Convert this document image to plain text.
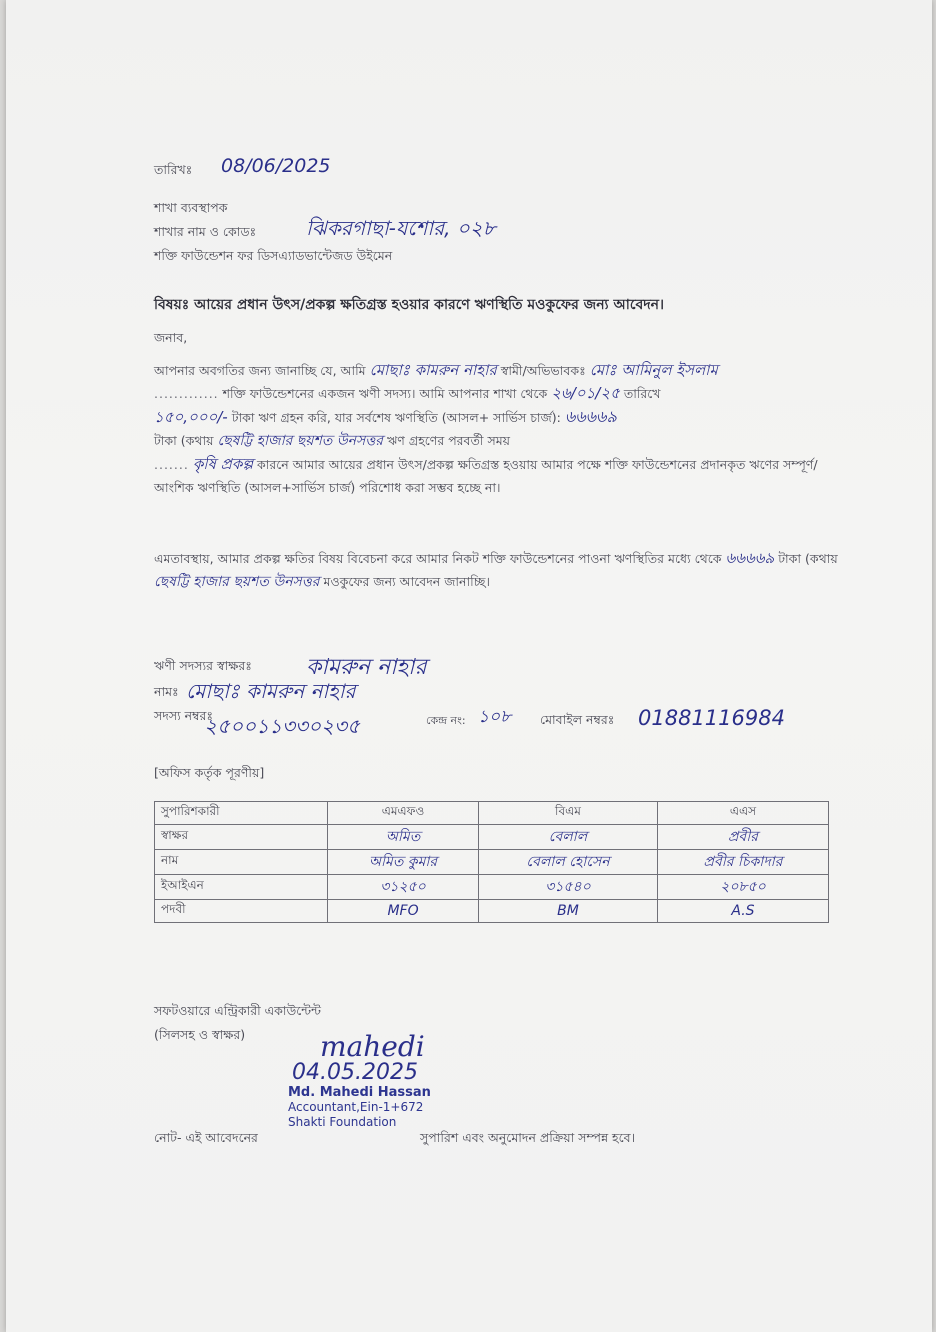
তারিখঃ 08/06/2025
শাখা ব্যবস্থাপক
শাখার নাম ও কোডঃ ঝিকরগাছা-যশোর, ০২৮
শক্তি ফাউন্ডেশন ফর ডিসএ্যাডভান্টেজড উইমেন
বিষয়ঃ আয়ের প্রধান উৎস/প্রকল্প ক্ষতিগ্রস্ত হওয়ার কারণে ঋণস্থিতি মওকুফের জন্য আবেদন।
জনাব,
আপনার অবগতির জন্য জানাচ্ছি যে, আমি মোছাঃ কামরুন নাহার স্বামী/অভিভাবকঃ মোঃ আমিনুল ইসলাম
............. শক্তি ফাউন্ডেশনের একজন ঋণী সদস্য। আমি আপনার শাখা থেকে ২৬/০১/২৫ তারিখে
১৫০,০০০/- টাকা ঋণ গ্রহন করি, যার সর্বশেষ ঋণস্থিতি (আসল+ সার্ভিস চার্জ): ৬৬৬৬৯
টাকা (কথায় ছেষট্টি হাজার ছয়শত উনসত্তর ঋণ গ্রহণের পরবর্তী সময়
....... কৃষি প্রকল্প কারনে আমার আয়ের প্রধান উৎস/প্রকল্প ক্ষতিগ্রস্ত হওয়ায় আমার পক্ষে শক্তি ফাউন্ডেশনের প্রদানকৃত ঋণের সম্পূর্ণ/আংশিক ঋণস্থিতি (আসল+সার্ভিস চার্জ) পরিশোধ করা সম্ভব হচ্ছে না।
এমতাবস্থায়, আমার প্রকল্প ক্ষতির বিষয় বিবেচনা করে আমার নিকট শক্তি ফাউন্ডেশনের পাওনা ঋণস্থিতির মধ্যে থেকে ৬৬৬৬৯ টাকা (কথায় ছেষট্টি হাজার ছয়শত উনসত্তর মওকুফের জন্য আবেদন জানাচ্ছি।
ঋণী সদস্যর স্বাক্ষরঃ কামরুন নাহার
নামঃ মোছাঃ কামরুন নাহার
সদস্য নম্বরঃ
২৫০০১১৩৩০২৩৫	কেন্দ্র নং: ১০৮ মোবাইল নম্বরঃ 01881116984
[অফিস কর্তৃক পূরণীয়]
সুপারিশকারী	এমএফও	বিএম	এএস
স্বাক্ষর	অমিত	বেলাল	প্রবীর
নাম	অমিত কুমার	বেলাল হোসেন	প্রবীর চিকাদার
ইআইএন	৩১২৫০	৩১৫৪০	২০৮৫০
পদবী	MFO	BM	A.S
সফটওয়ারে এন্ট্রিকারী একাউন্টেন্ট
(সিলসহ ও স্বাক্ষর)	mahedi
04.05.2025
Md. Mahedi Hassan
Accountant,Ein-1+672
Shakti Foundation
নোট- এই আবেদনের	সুপারিশ এবং অনুমোদন প্রক্রিয়া সম্পন্ন হবে।
